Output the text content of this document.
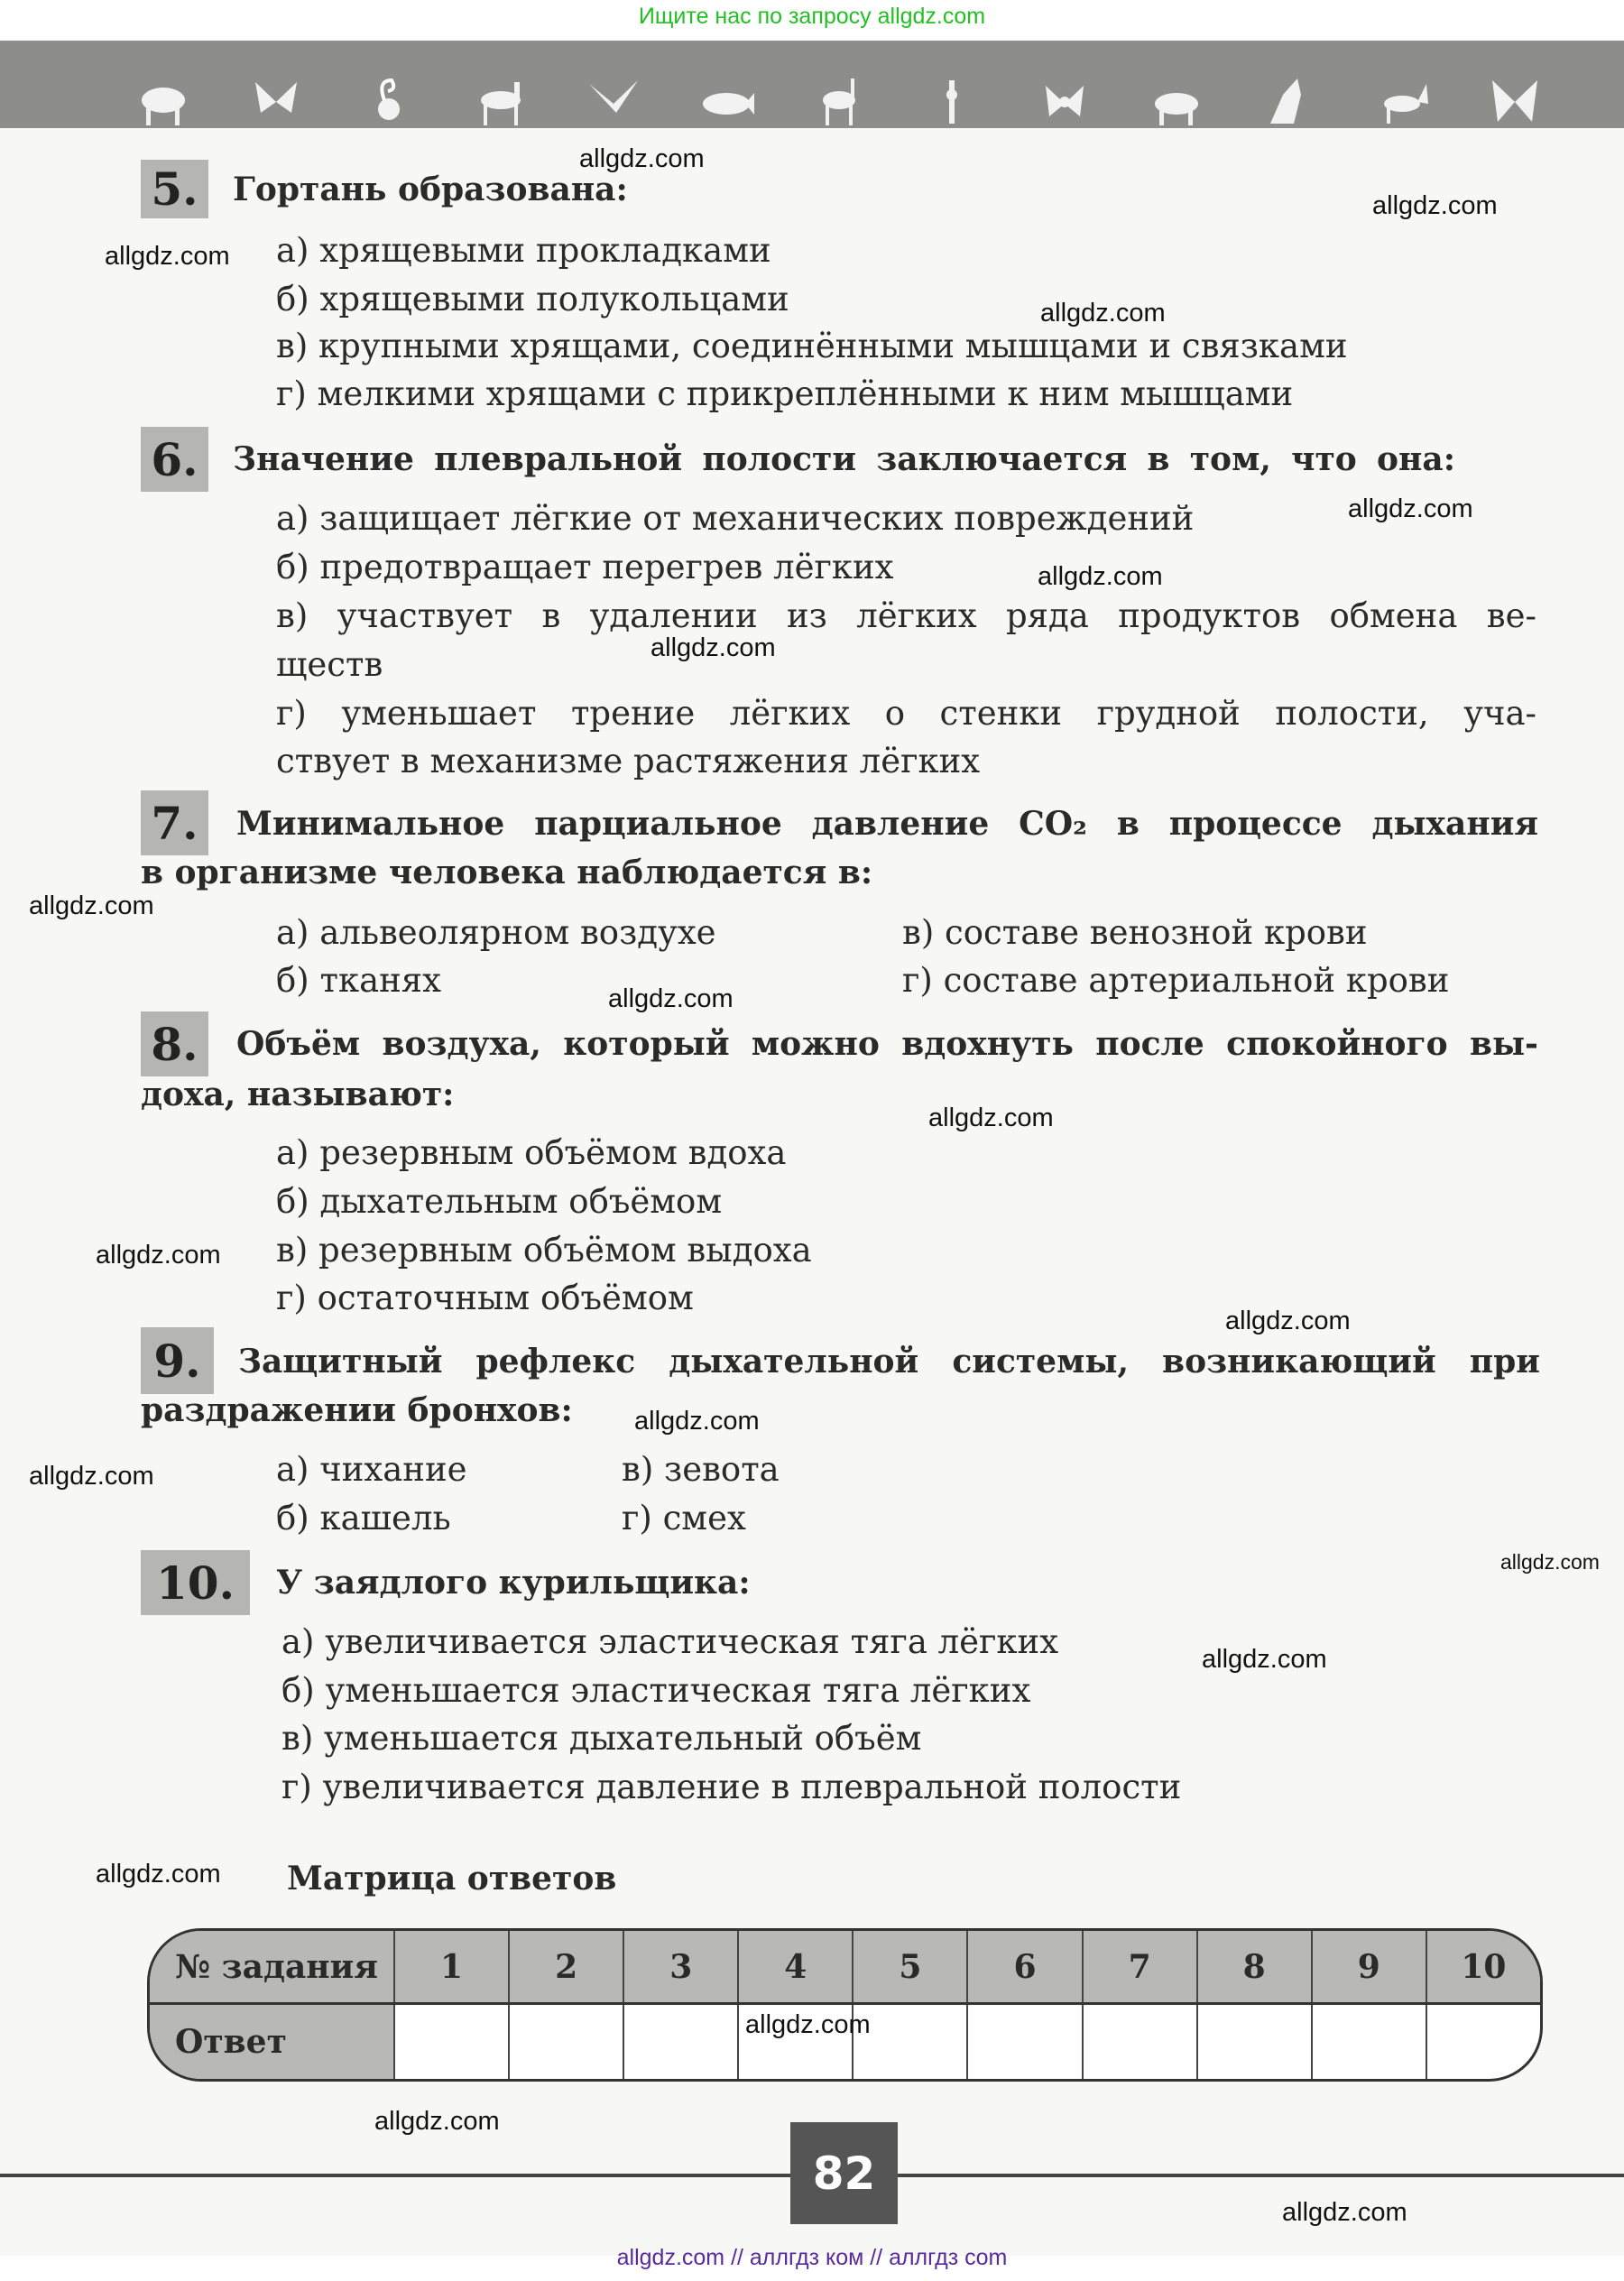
Ищите нас по запросу allgdz.com
5.	Гортань образована:
а) хрящевыми прокладками
б) хрящевыми полукольцами
в) крупными хрящами, соединёнными мышцами и связками
г) мелкими хрящами с прикреплёнными к ним мышцами
6.	Значение плевральной полости заключается в том, что она:
а) защищает лёгкие от механических повреждений
б) предотвращает перегрев лёгких
в) участвует в удалении из лёгких ряда продуктов обмена ве-
ществ
г) уменьшает трение лёгких о стенки грудной полости, уча-
ствует в механизме растяжения лёгких
7.	Минимальное парциальное давление CO₂ в процессе дыхания
в организме человека наблюдается в:
а) альвеолярном воздухе
б) тканях
в) составе венозной крови
г) составе артериальной крови
8.	Объём воздуха, который можно вдохнуть после спокойного вы-
доха, называют:
а) резервным объёмом вдоха
б) дыхательным объёмом
в) резервным объёмом выдоха
г) остаточным объёмом
9.	Защитный рефлекс дыхательной системы, возникающий при
раздражении бронхов:
а) чихание
б) кашель
в) зевота
г) смех
10.	У заядлого курильщика:
а) увеличивается эластическая тяга лёгких
б) уменьшается эластическая тяга лёгких
в) уменьшается дыхательный объём
г) увеличивается давление в плевральной полости
Матрица ответов
№ задания	1	2	3	4	5	6	7	8	9	10
Ответ
82
allgdz.com
allgdz.com
allgdz.com
allgdz.com
allgdz.com
allgdz.com
allgdz.com
allgdz.com
allgdz.com
allgdz.com
allgdz.com
allgdz.com
allgdz.com
allgdz.com
allgdz.com
allgdz.com
allgdz.com
allgdz.com
allgdz.com
allgdz.com
allgdz.com // аллгдз ком // аллгдз com
